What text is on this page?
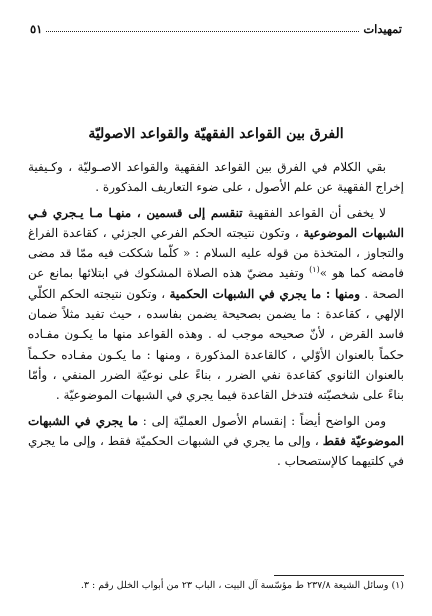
تمهيدات
٥١
الفرق بين القواعد الفقهيّة والقواعد الاصوليّة

بقي الكلام في الفرق بين القواعد الفقهية والقواعد الاصـوليّة ، وكـيفية إخراج الفقهية عن علم الأصول ، على ضوء التعاريف المذكورة .

لا يخفى أن القواعد الفقهية تنقسم إلى قسمين ، منهـا مـا يـجري فـي الشبهات الموضوعية ، وتكون نتيجته الحكم الفرعي الجزئي ، كقاعدة الفراغ والتجاوز ، المتخذة من قوله عليه السلام : « كلّما شككت فيه ممّا قد مضى فامضه كما هو »$^{(١)}$ وتفيد مضيّ هذه الصلاة المشكوك في ابتلائها بمانع عن الصحة . ومنها : ما يجري في الشبهات الحكمية ، وتكون نتيجته الحكم الكلّي الإلهي ، كقاعدة : ما يضمن بصحيحة يضمن بفاسده ، حيث تفيد مثلاً ضمان فاسد القرض ، لأنّ صحيحه موجب له . وهذه القواعد منها ما يكـون مفـاده حكماً بالعنوان الأوّلي ، كالقاعدة المذكورة ، ومنها : ما يكـون مفـاده حكـماً بالعنوان الثانوي كقاعدة نفي الضرر ، بناءً على نوعيّة الضرر المنفي ، وأمّا بناءً على شخصيّته فتدخل القاعدة فيما يجري في الشبهات الموضوعيّة .

ومن الواضح أيضاً : إنقسام الأصول العمليّة إلى : ما يجري في الشبهات الموضوعيّة فقط ، وإلى ما يجري في الشبهات الحكميّة فقط ، وإلى ما يجري في كلتيهما كالإستصحاب .

(١) وسائل الشيعة ٢٣٧/٨ ط مؤسّسة آل البيت ، الباب ٢٣ من أبواب الخلل رقم : ٣.
